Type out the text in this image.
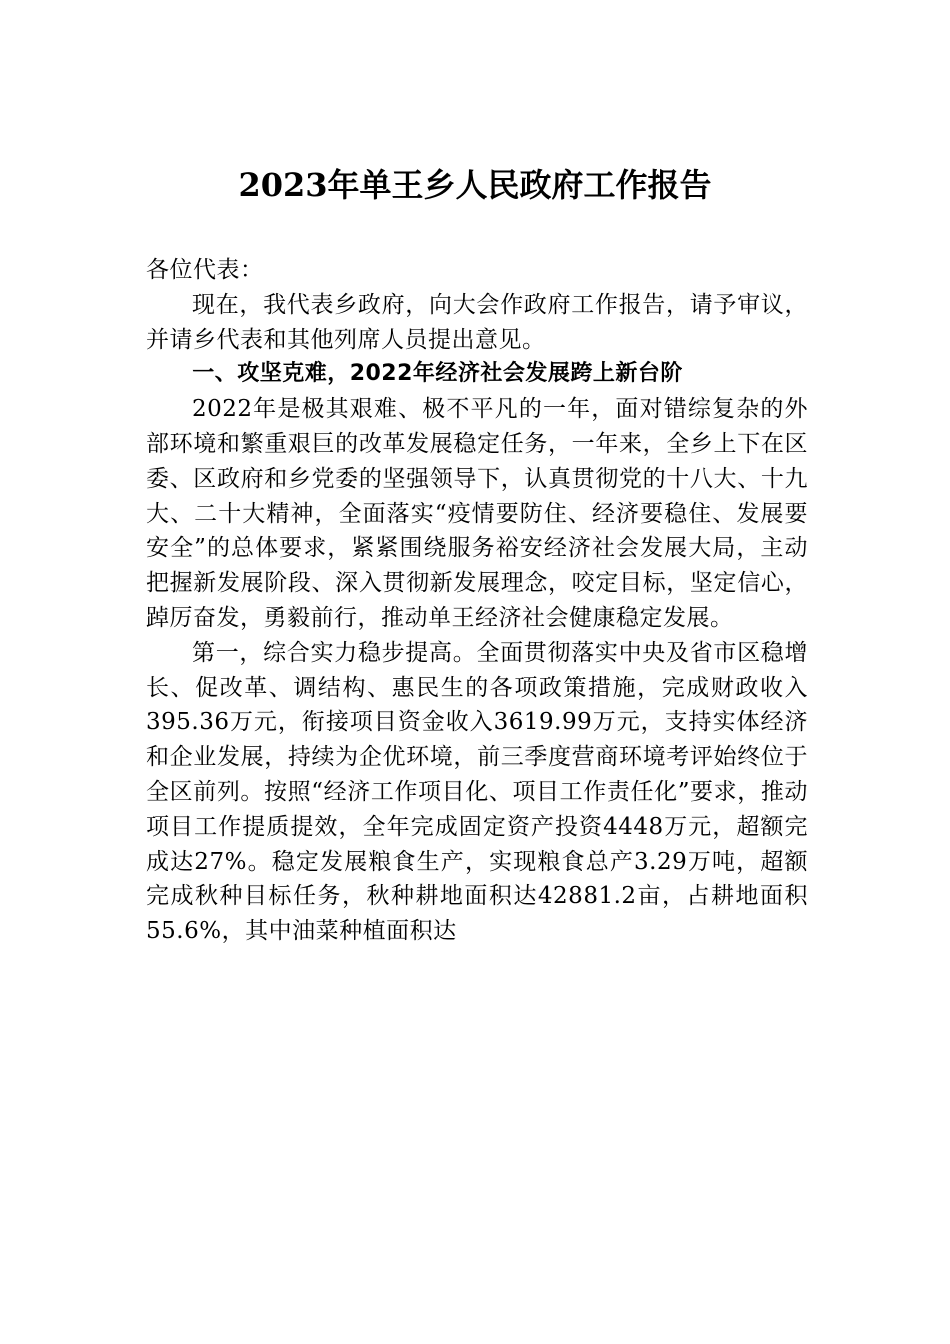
2023年单王乡人民政府工作报告

各位代表：

现在，我代表乡政府，向大会作政府工作报告，请予审议，并请乡代表和其他列席人员提出意见。

一、攻坚克难，2022年经济社会发展跨上新台阶

2022年是极其艰难、极不平凡的一年，面对错综复杂的外部环境和繁重艰巨的改革发展稳定任务，一年来，全乡上下在区委、区政府和乡党委的坚强领导下，认真贯彻党的十八大、十九大、二十大精神，全面落实“疫情要防住、经济要稳住、发展要安全”的总体要求，紧紧围绕服务裕安经济社会发展大局，主动把握新发展阶段、深入贯彻新发展理念，咬定目标，坚定信心，踔厉奋发，勇毅前行，推动单王经济社会健康稳定发展。

第一，综合实力稳步提高。全面贯彻落实中央及省市区稳增长、促改革、调结构、惠民生的各项政策措施，完成财政收入395.36万元，衔接项目资金收入3619.99万元，支持实体经济和企业发展，持续为企优环境，前三季度营商环境考评始终位于全区前列。按照“经济工作项目化、项目工作责任化”要求，推动项目工作提质提效，全年完成固定资产投资4448万元，超额完成达27%。稳定发展粮食生产，实现粮食总产3.29万吨，超额完成秋种目标任务，秋种耕地面积达42881.2亩，占耕地面积55.6%，其中油菜种植面积达
